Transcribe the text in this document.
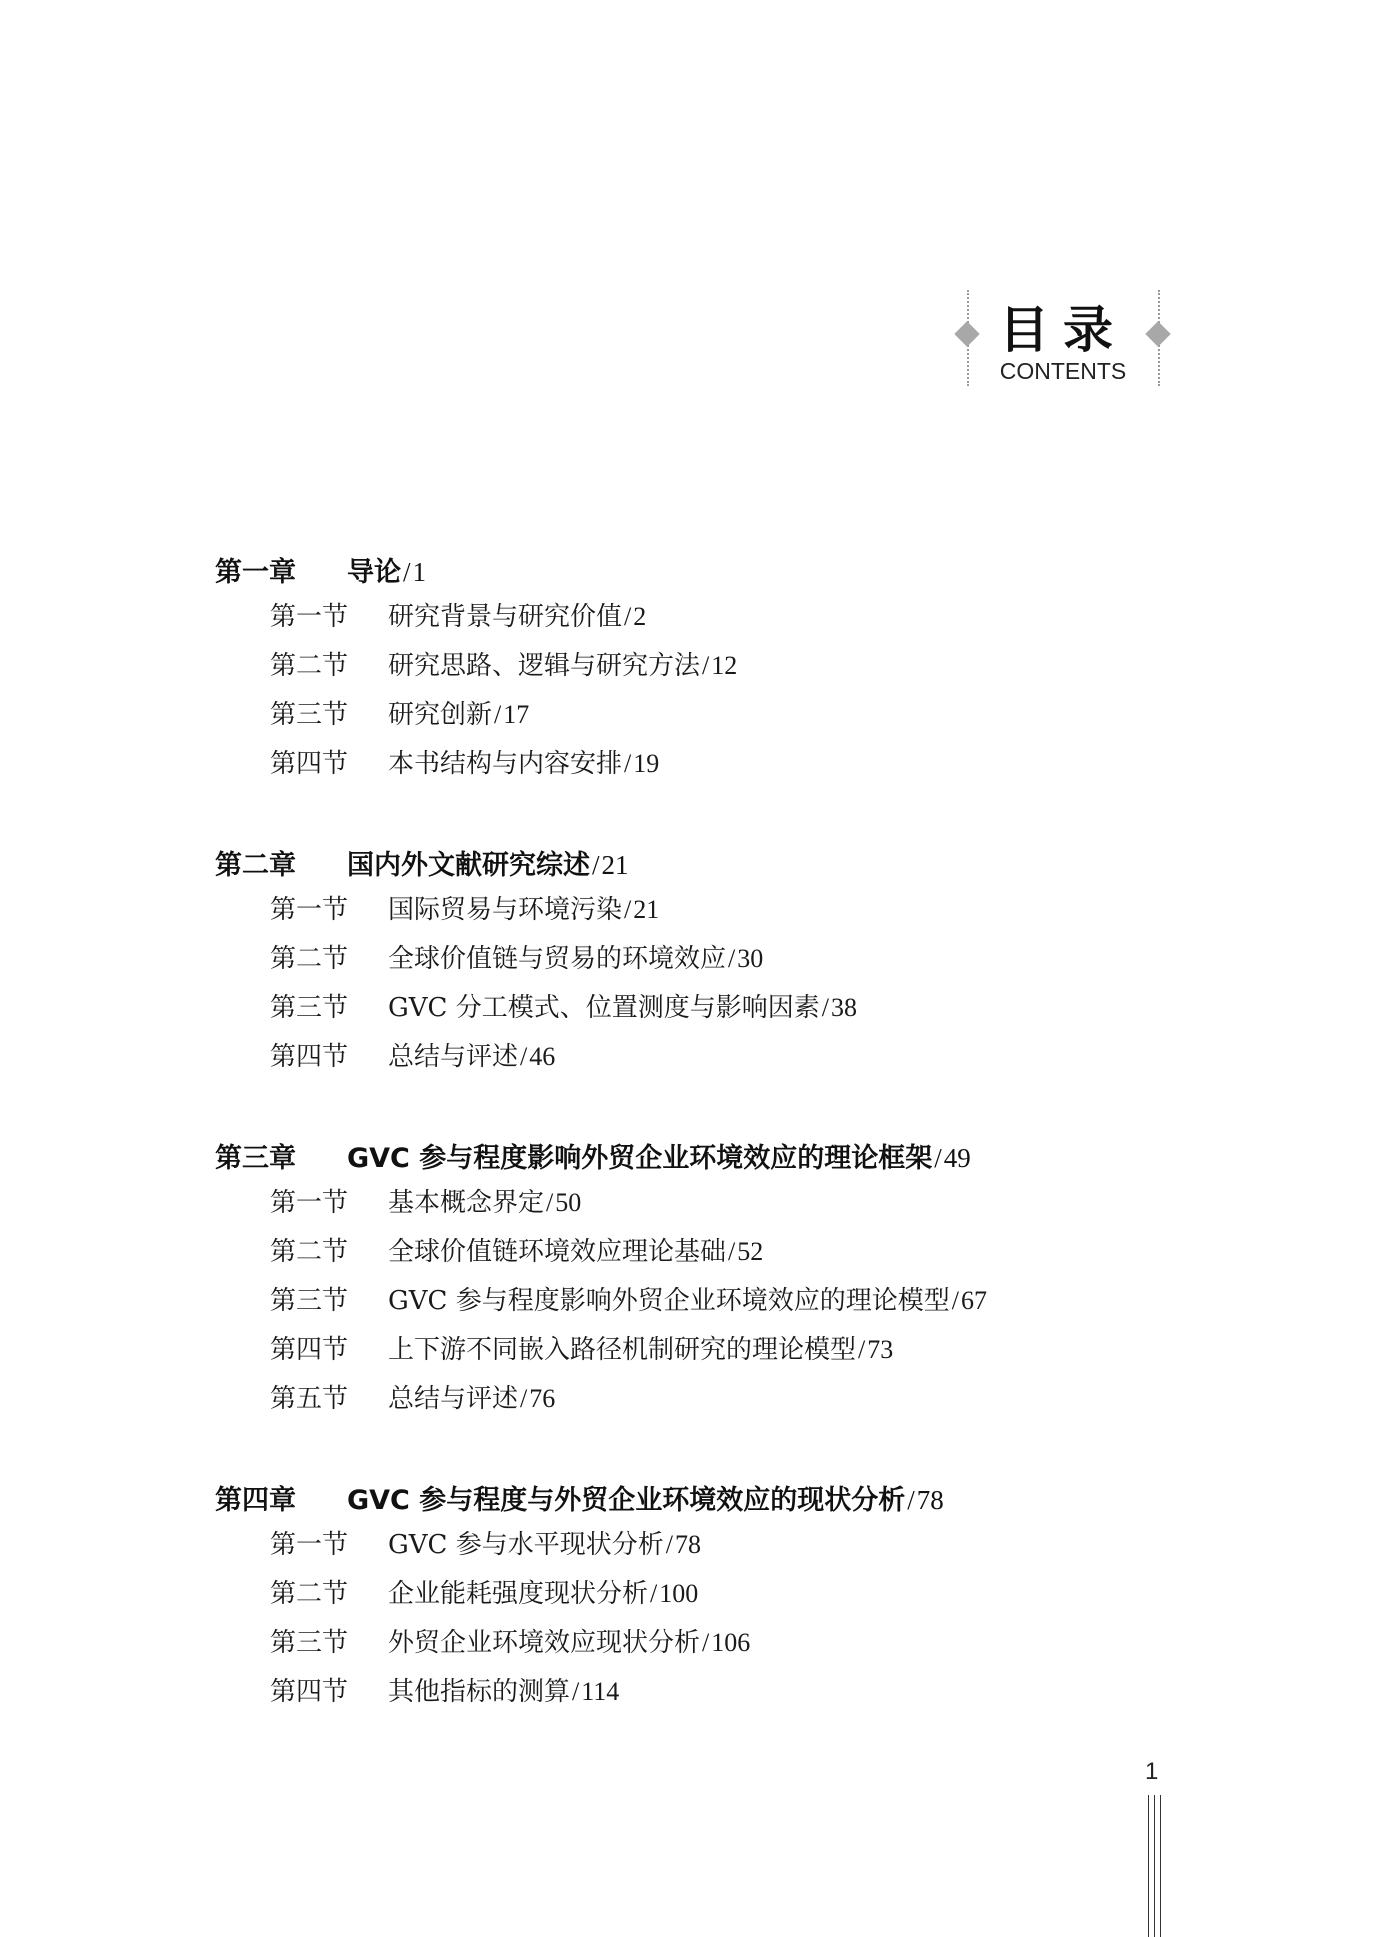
目录
CONTENTS
第一章 导论/1
第一节 研究背景与研究价值/2
第二节 研究思路、逻辑与研究方法/12
第三节 研究创新/17
第四节 本书结构与内容安排/19
第二章 国内外文献研究综述/21
第一节 国际贸易与环境污染/21
第二节 全球价值链与贸易的环境效应/30
第三节 GVC 分工模式、位置测度与影响因素/38
第四节 总结与评述/46
第三章 GVC 参与程度影响外贸企业环境效应的理论框架/49
第一节 基本概念界定/50
第二节 全球价值链环境效应理论基础/52
第三节 GVC 参与程度影响外贸企业环境效应的理论模型/67
第四节 上下游不同嵌入路径机制研究的理论模型/73
第五节 总结与评述/76
第四章 GVC 参与程度与外贸企业环境效应的现状分析/78
第一节 GVC 参与水平现状分析/78
第二节 企业能耗强度现状分析/100
第三节 外贸企业环境效应现状分析/106
第四节 其他指标的测算/114
1
